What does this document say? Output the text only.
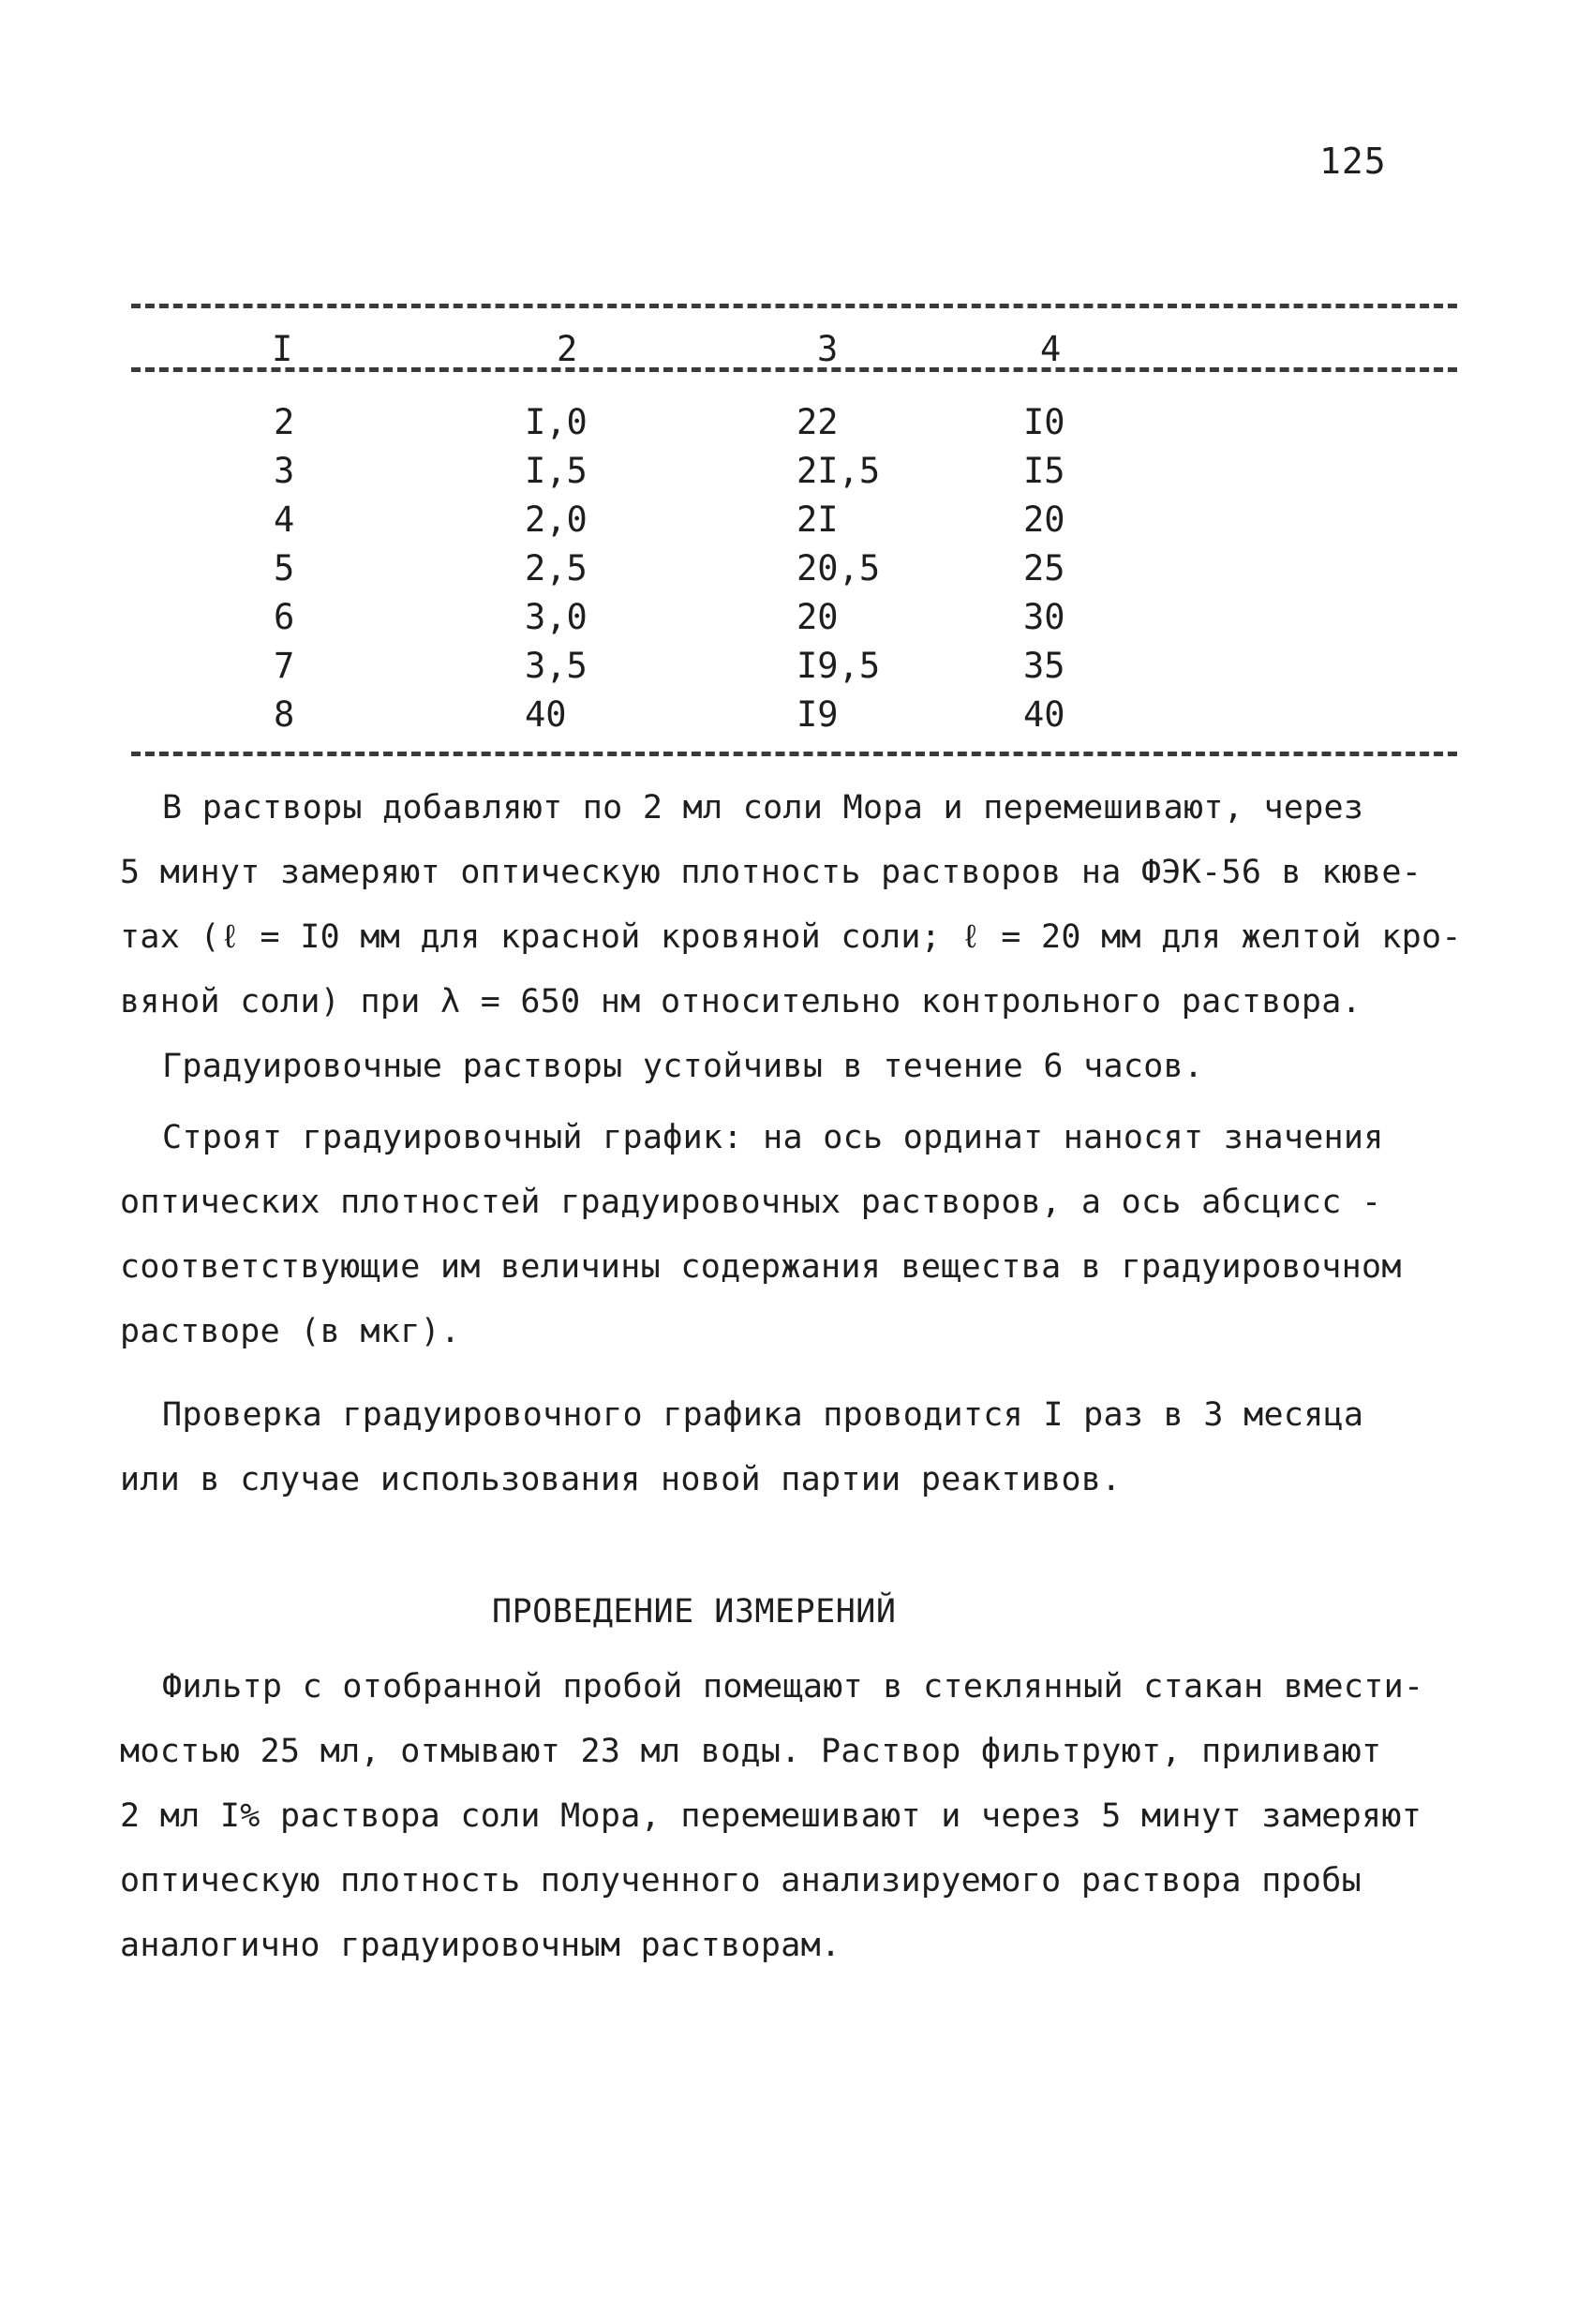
125
I	2	3	4
2	I,0	22	I0
3	I,5	2I,5	I5
4	2,0	2I	20
5	2,5	20,5	25
6	3,0	20	30
7	3,5	I9,5	35
8	40	I9	40
В растворы добавляют по 2 мл соли Мора и перемешивают, через
5 минут замеряют оптическую плотность растворов на ФЭК-56 в кюве-
тах (ℓ = I0 мм для красной кровяной соли; ℓ = 20 мм для желтой кро-
вяной соли) при λ = 650 нм относительно контрольного раствора.
Градуировочные растворы устойчивы в течение 6 часов.
Строят градуировочный график: на ось ординат наносят значения
оптических плотностей градуировочных растворов, а ось абсцисс -
соответствующие им величины содержания вещества в градуировочном
растворе (в мкг).
Проверка градуировочного графика проводится I раз в 3 месяца
или в случае использования новой партии реактивов.
ПРОВЕДЕНИЕ ИЗМЕРЕНИЙ
Фильтр с отобранной пробой помещают в стеклянный стакан вмести-
мостью 25 мл, отмывают 23 мл воды. Раствор фильтруют, приливают
2 мл I% раствора соли Мора, перемешивают и через 5 минут замеряют
оптическую плотность полученного анализируемого раствора пробы
аналогично градуировочным растворам.
